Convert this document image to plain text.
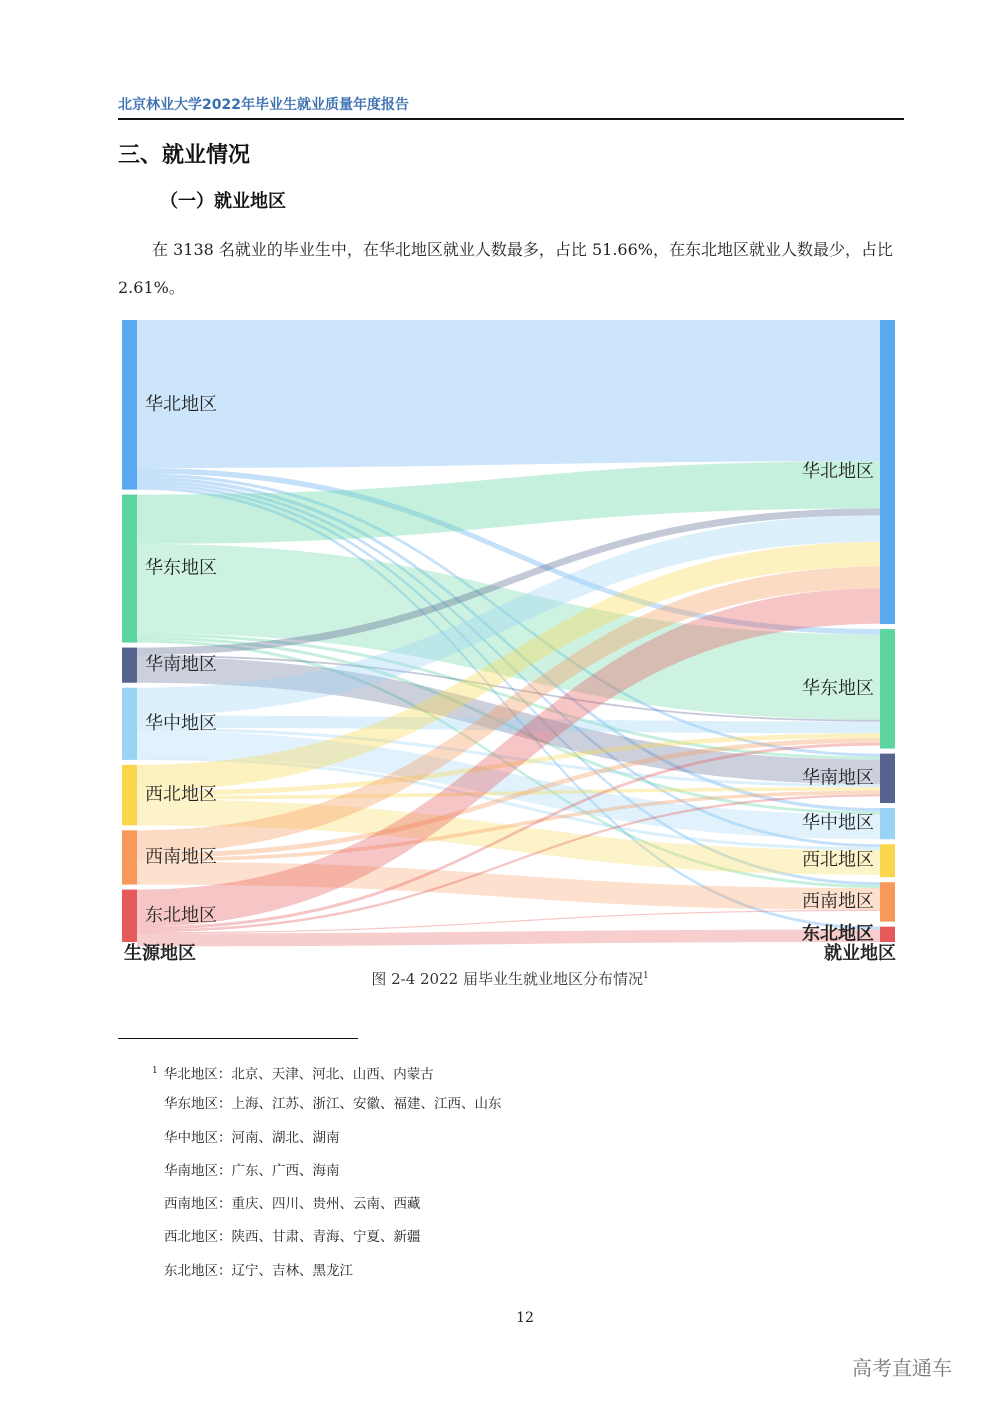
北京林业大学2022年毕业生就业质量年度报告
三、就业情况
（一）就业地区
在 3138 名就业的毕业生中，在华北地区就业人数最多，占比 51.66%，在东北地区就业人数最少，占比 2.61%。
华北地区
华北地区
华东地区
华东地区
华南地区
华南地区
华中地区
华中地区
西北地区
西北地区
西南地区
西南地区
东北地区
东北地区
生源地区	就业地区
图 2-4 2022 届毕业生就业地区分布情况$^1$
$^1$ 华北地区：北京、天津、河北、山西、内蒙古
华东地区：上海、江苏、浙江、安徽、福建、江西、山东
华中地区：河南、湖北、湖南
华南地区：广东、广西、海南
西南地区：重庆、四川、贵州、云南、西藏
西北地区：陕西、甘肃、青海、宁夏、新疆
东北地区：辽宁、吉林、黑龙江
12
高考直通车
